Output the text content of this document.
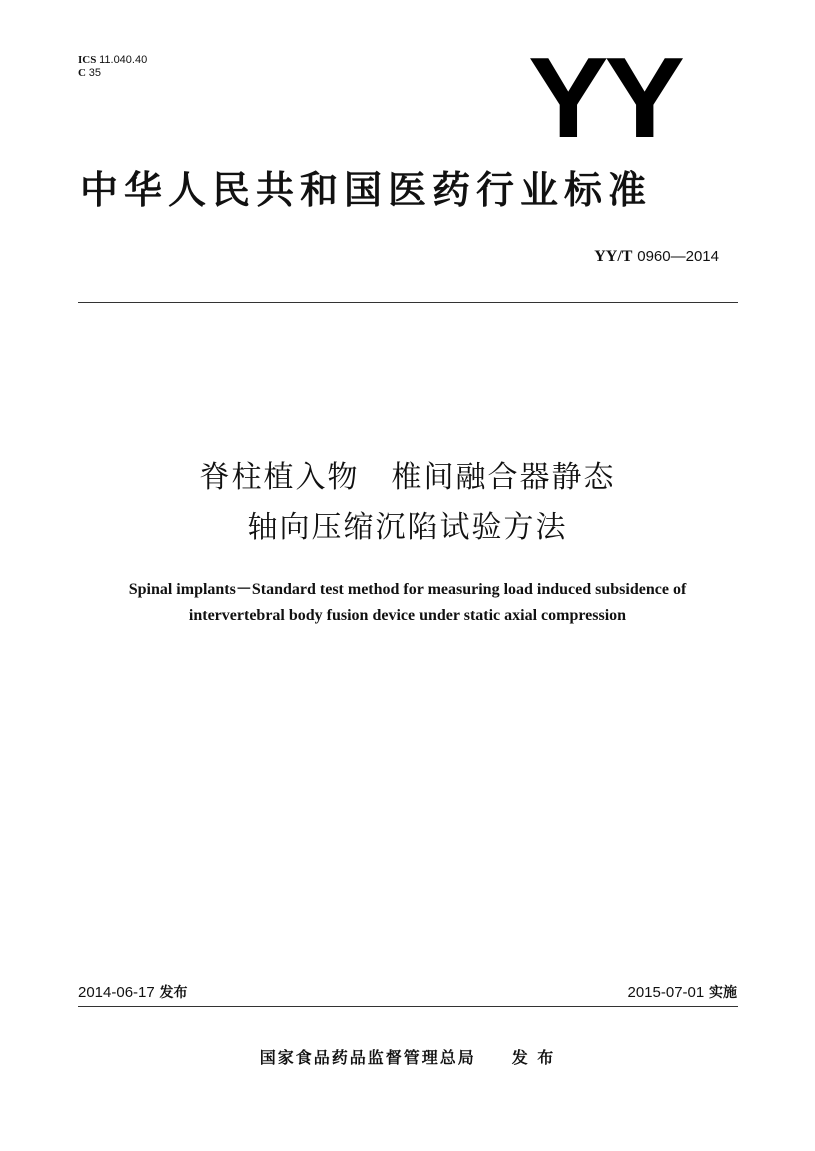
ICS 11.040.40
C 35	YY
中华人民共和国医药行业标准
YY/T 0960—2014
脊柱植入物　椎间融合器静态
轴向压缩沉陷试验方法
Spinal implants－Standard test method for measuring load induced subsidence of
intervertebral body fusion device under static axial compression
2014-06-17 发布	2015-07-01 实施
国家食品药品监督管理总局 发 布
